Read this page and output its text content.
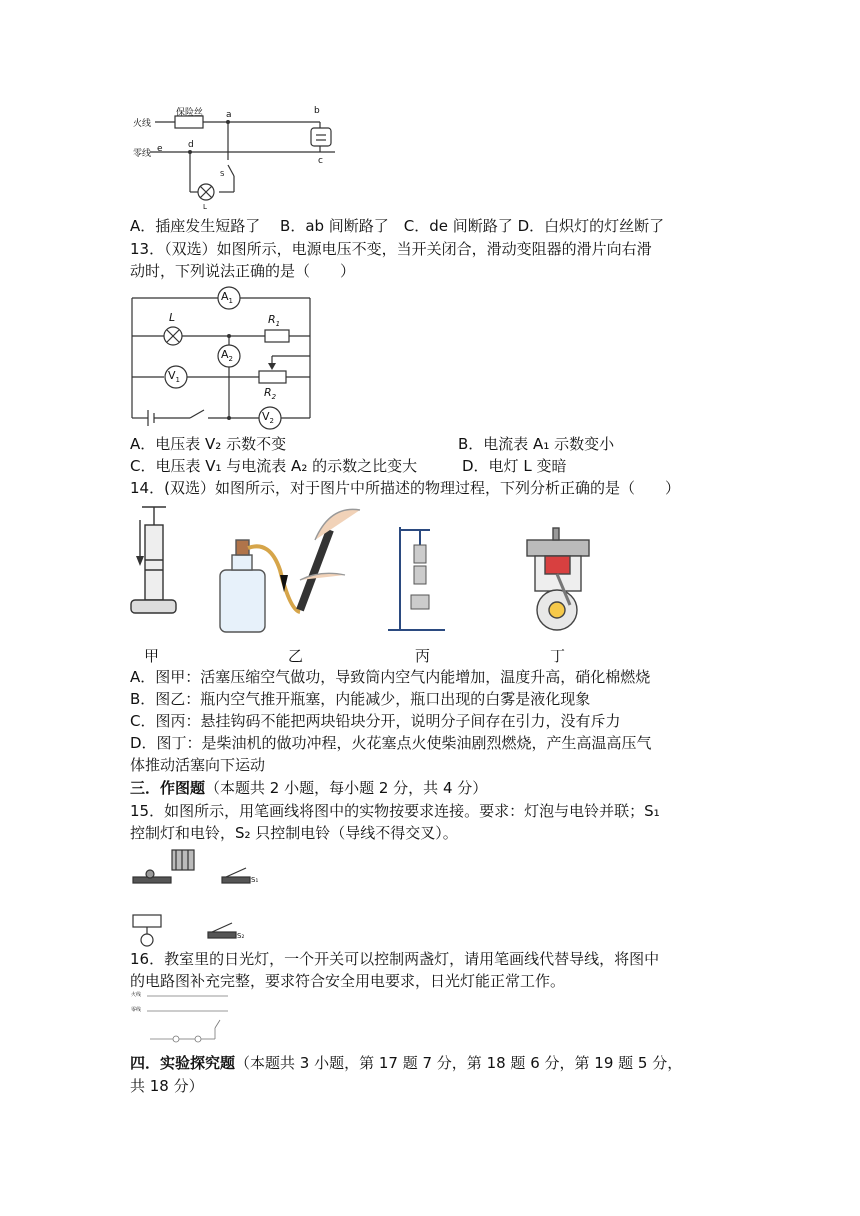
火线
零线
保险丝	a	b
c
d
e
S
L
A．插座发生短路了　 B．ab 间断路了　C．de 间断路了 D．白炽灯的灯丝断了
13．（双选）如图所示，电源电压不变，当开关闭合，滑动变阻器的滑片向右滑
动时，下列说法正确的是（　　）
$A_1$
L	$R_1$
$A_2$
$V_1$
$R_2$
$V_2$
A．电压表 V₂ 示数不变	B．电流表 A₁ 示数变小
C．电压表 V₁ 与电流表 A₂ 的示数之比变大	D．电灯 L 变暗
14．(双选）如图所示，对于图片中所描述的物理过程，下列分析正确的是（　　）
甲	乙	丙	丁
A．图甲：活塞压缩空气做功，导致筒内空气内能增加，温度升高，硝化棉燃烧
B．图乙：瓶内空气推开瓶塞，内能减少，瓶口出现的白雾是液化现象
C．图丙：悬挂钩码不能把两块铅块分开，说明分子间存在引力，没有斥力
D．图丁：是柴油机的做功冲程，火花塞点火使柴油剧烈燃烧，产生高温高压气
体推动活塞向下运动
三．作图题（本题共 2 小题，每小题 2 分，共 4 分）
15．如图所示，用笔画线将图中的实物按要求连接。要求：灯泡与电铃并联；S₁
控制灯和电铃，S₂ 只控制电铃（导线不得交叉）。
S₁
S₂
16．教室里的日光灯，一个开关可以控制两盏灯，请用笔画线代替导线，将图中
的电路图补充完整，要求符合安全用电要求，日光灯能正常工作。
火线
零线
四．实验探究题（本题共 3 小题，第 17 题 7 分，第 18 题 6 分，第 19 题 5 分，
共 18 分）
